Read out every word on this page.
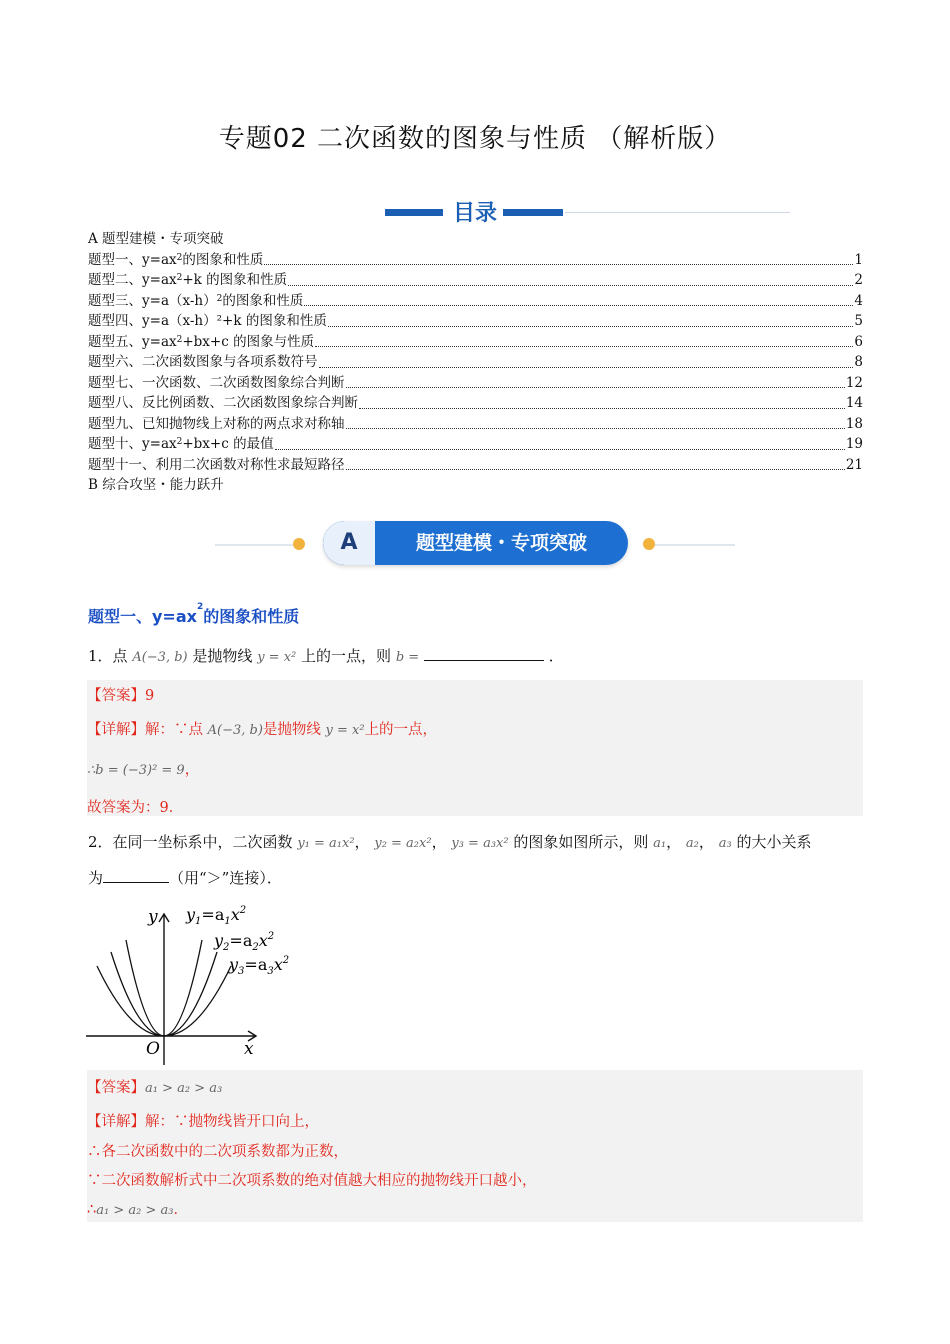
专题02 二次函数的图象与性质 （解析版）
目录
A 题型建模・专项突破
题型一、$y=ax^2$的图象和性质	1
题型二、$y=ax^2+k$ 的图象和性质	2
题型三、$y=a(x-h)^2$的图象和性质	4
题型四、y=a（x-h）²+k 的图象和性质	5
题型五、$y=ax^2+bx+c$ 的图象与性质	6
题型六、二次函数图象与各项系数符号	8
题型七、一次函数、二次函数图象综合判断	12
题型八、反比例函数、二次函数图象综合判断	14
题型九、已知抛物线上对称的两点求对称轴	18
题型十、$y=ax^2+bx+c$ 的最值	19
题型十一、利用二次函数对称性求最短路径	21
B 综合攻坚・能力跃升
A	题型建模・专项突破
题型一、$y=ax^2$的图象和性质
1．点 A(−3, b) 是抛物线 y = x² 上的一点，则 b =	．
【答案】9
【详解】解：∵点 A(−3, b)是抛物线 y = x²上的一点，
∴b = (−3)² = 9，
故答案为：9．
2．在同一坐标系中，二次函数 y₁ = a₁x²， y₂ = a₂x²， y₃ = a₃x² 的图象如图所示，则 a₁， a₂， a₃ 的大小关系
为	（用“＞”连接）．
y
x
O
$y_1=a_1x^2$
$y_2=a_2x^2$
$y_3=a_3x^2$
【答案】a₁ > a₂ > a₃
【详解】解：∵抛物线皆开口向上，
∴各二次函数中的二次项系数都为正数，
∵二次函数解析式中二次项系数的绝对值越大相应的抛物线开口越小，
∴a₁ > a₂ > a₃．
